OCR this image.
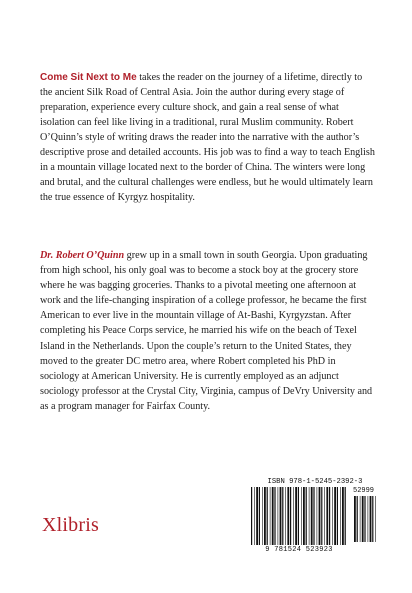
Come Sit Next to Me takes the reader on the journey of a lifetime, directly to the ancient Silk Road of Central Asia. Join the author during every stage of preparation, experience every culture shock, and gain a real sense of what isolation can feel like living in a traditional, rural Muslim community. Robert O’Quinn’s style of writing draws the reader into the narrative with the author’s descriptive prose and detailed accounts. His job was to find a way to teach English in a mountain village located next to the border of China. The winters were long and brutal, and the cultural challenges were endless, but he would ultimately learn the true essence of Kyrgyz hospitality.
Dr. Robert O’Quinn grew up in a small town in south Georgia. Upon graduating from high school, his only goal was to become a stock boy at the grocery store where he was bagging groceries. Thanks to a pivotal meeting one afternoon at work and the life-changing inspiration of a college professor, he became the first American to ever live in the mountain village of At-Bashi, Kyrgyzstan. After completing his Peace Corps service, he married his wife on the beach of Texel Island in the Netherlands. Upon the couple’s return to the United States, they moved to the greater DC metro area, where Robert completed his PhD in sociology at American University. He is currently employed as an adjunct sociology professor at the Crystal City, Virginia, campus of DeVry University and as a program manager for Fairfax County.
Xlibris
ISBN 978-1-5245-2392-3
52999
9 781524 523923
